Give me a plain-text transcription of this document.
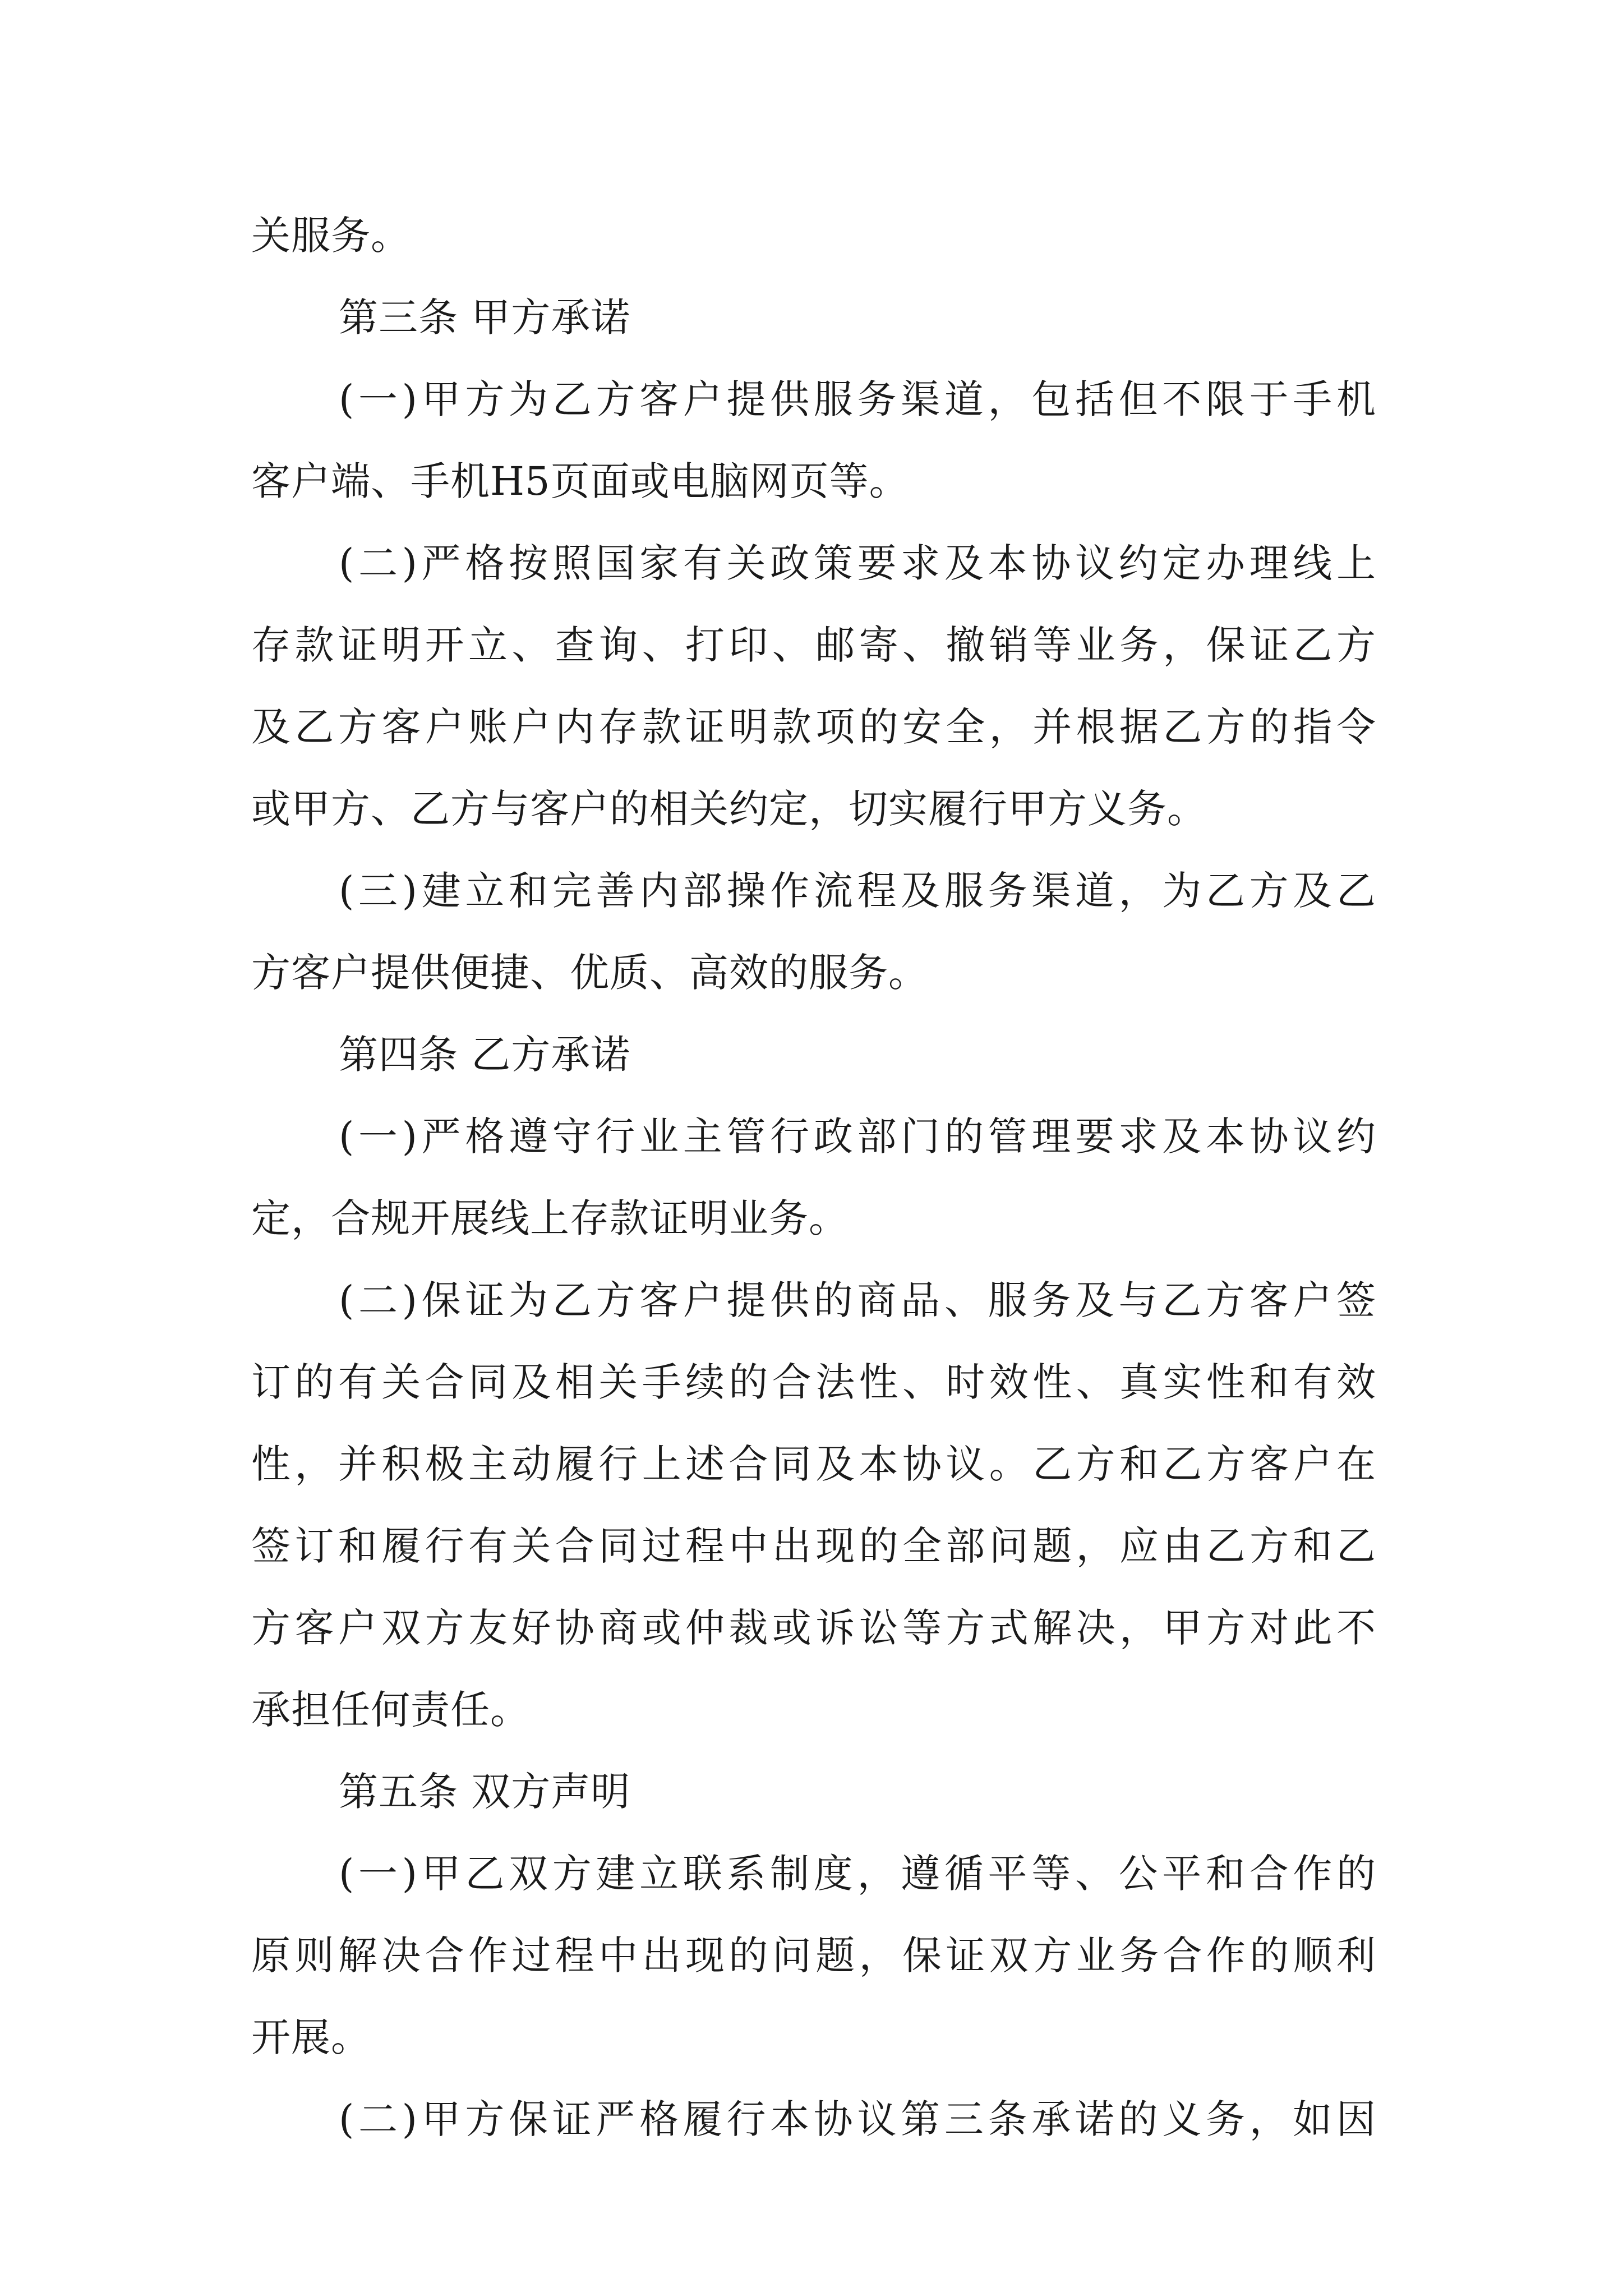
关服务。
第三条 甲方承诺
(一)甲方为乙方客户提供服务渠道，包括但不限于手机
客户端、手机H5页面或电脑网页等。
(二)严格按照国家有关政策要求及本协议约定办理线上
存款证明开立、查询、打印、邮寄、撤销等业务，保证乙方
及乙方客户账户内存款证明款项的安全，并根据乙方的指令
或甲方、乙方与客户的相关约定，切实履行甲方义务。
(三)建立和完善内部操作流程及服务渠道，为乙方及乙
方客户提供便捷、优质、高效的服务。
第四条 乙方承诺
(一)严格遵守行业主管行政部门的管理要求及本协议约
定，合规开展线上存款证明业务。
(二)保证为乙方客户提供的商品、服务及与乙方客户签
订的有关合同及相关手续的合法性、时效性、真实性和有效
性，并积极主动履行上述合同及本协议。乙方和乙方客户在
签订和履行有关合同过程中出现的全部问题，应由乙方和乙
方客户双方友好协商或仲裁或诉讼等方式解决，甲方对此不
承担任何责任。
第五条 双方声明
(一)甲乙双方建立联系制度，遵循平等、公平和合作的
原则解决合作过程中出现的问题，保证双方业务合作的顺利
开展。
(二)甲方保证严格履行本协议第三条承诺的义务，如因
